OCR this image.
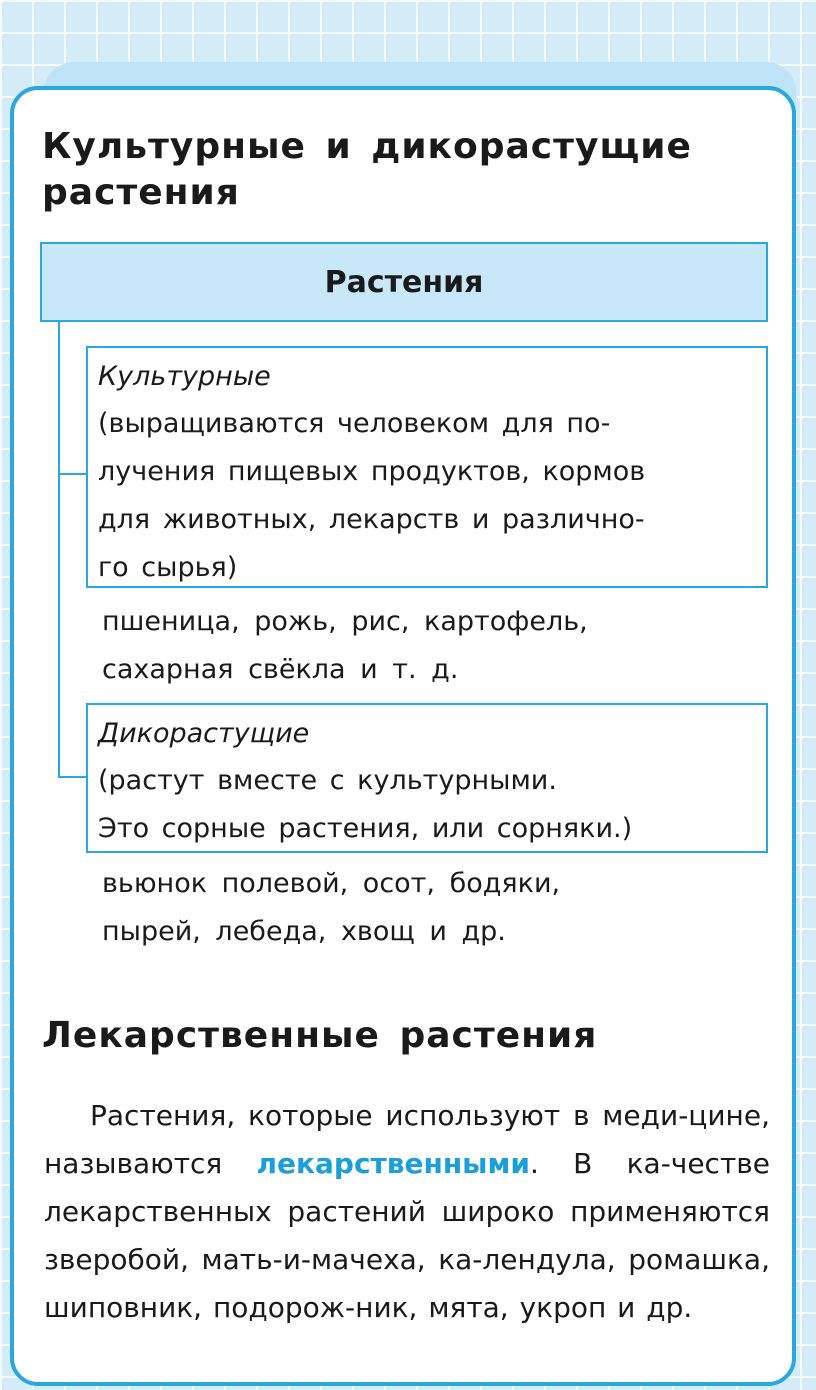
Культурные и дикорастущие растения
Растения
Культурные
(выращиваются человеком для по-
лучения пищевых продуктов, кормов
для животных, лекарств и различно-
го сырья)
пшеница, рожь, рис, картофель,
сахарная свёкла и т. д.
Дикорастущие
(растут вместе с культурными.
Это сорные растения, или сорняки.)
вьюнок полевой, осот, бодяки,
пырей, лебеда, хвощ и др.
Лекарственные растения

Растения, которые используют в меди-цине, называются лекарственными. В ка-честве лекарственных растений широко применяются зверобой, мать-и-мачеха, ка-лендула, ромашка, шиповник, подорож-ник, мята, укроп и др.
